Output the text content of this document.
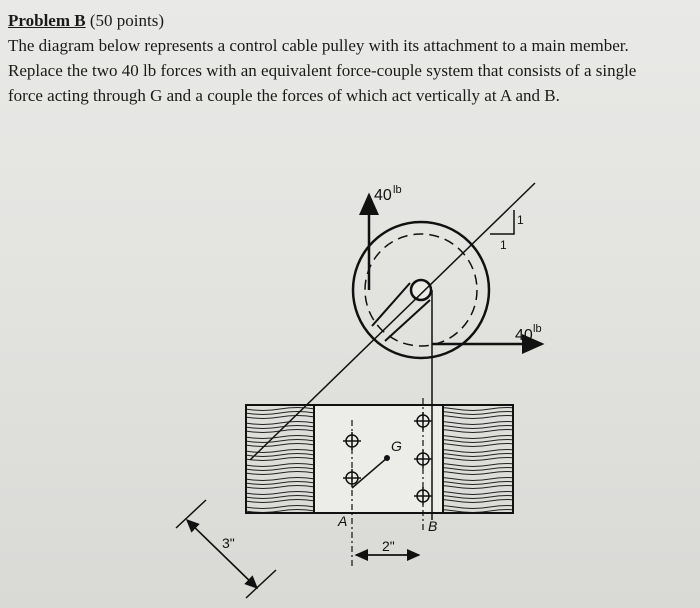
Problem B (50 points)

The diagram below represents a control cable pulley with its attachment to a main member.

Replace the two 40 lb forces with an equivalent force-couple system that consists of a single

force acting through G and a couple the forces of which act vertically at A and B.

40 lb
40 lb
1
1
G
A	B
2"
3"
